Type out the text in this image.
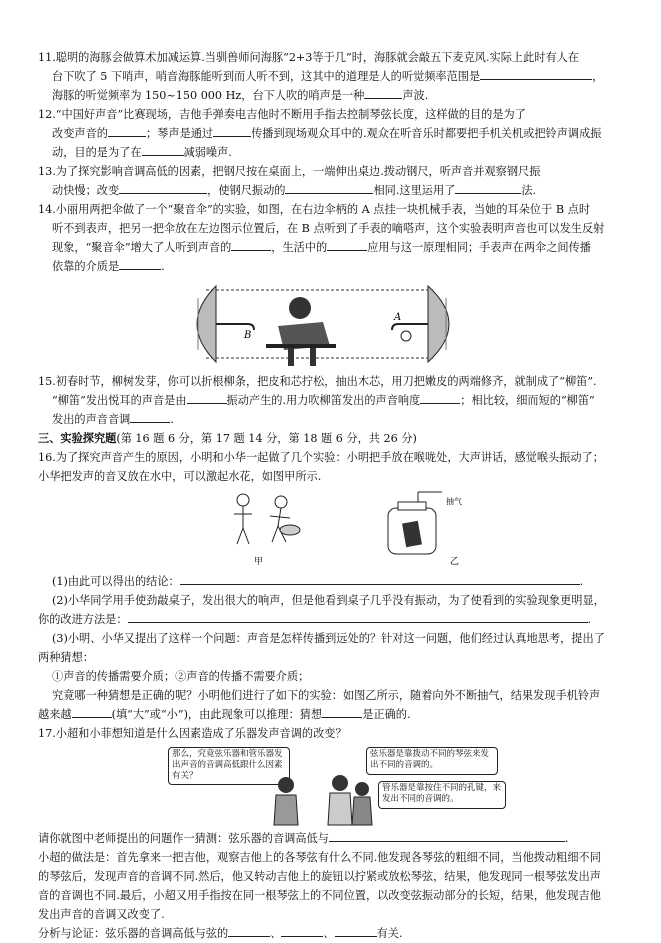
11.聪明的海豚会做算术加减运算.当驯兽师问海豚“2+3等于几”时，海豚就会敲五下麦克风.实际上此时有人在

台下吹了 5 下哨声，哨音海豚能听到而人听不到，这其中的道理是人的听觉频率范围是	，

海豚的听觉频率为 150~150 000 Hz，台下人吹的哨声是一种	声波.

12.“中国好声音”比赛现场，吉他手弹奏电吉他时不断用手指去控制琴弦长度，这样做的目的是为了

改变声音的	；琴声是通过	传播到现场观众耳中的.观众在听音乐时都要把手机关机或把铃声调成振

动，目的是为了在	减弱噪声.

13.为了探究影响音调高低的因素，把钢尺按在桌面上，一端伸出桌边.拨动钢尺，听声音并观察钢尺振

动快慢；改变	，使钢尺振动的	相同.这里运用了	法.

14.小丽用两把伞做了一个“聚音伞”的实验，如图，在右边伞柄的 A 点挂一块机械手表，当她的耳朵位于 B 点时

听不到表声，把另一把伞放在左边图示位置后，在 B 点听到了手表的嘀嗒声，这个实验表明声音也可以发生反射

现象，“聚音伞”增大了人听到声音的	，生活中的	应用与这一原理相同；手表声在两伞之间传播

依靠的介质是	.

A
B

15.初春时节，柳树发芽，你可以折根柳条，把皮和芯拧松，抽出木芯，用刀把嫩皮的两端修齐，就制成了“柳笛”.

“柳笛”发出悦耳的声音是由	振动产生的.用力吹柳笛发出的声音响度	；相比较，细而短的“柳笛”

发出的声音音调	.

三、实验探究题(第 16 题 6 分，第 17 题 14 分，第 18 题 6 分，共 26 分)

16.为了探究声音产生的原因，小明和小华一起做了几个实验：小明把手放在喉咙处，大声讲话，感觉喉头振动了；

小华把发声的音叉放在水中，可以激起水花，如图甲所示.

甲
抽气
乙

(1)由此可以得出的结论：	.

(2)小华同学用手使劲敲桌子，发出很大的响声，但是他看到桌子几乎没有振动，为了使看到的实验现象更明显，

你的改进方法是：	.

(3)小明、小华又提出了这样一个问题：声音是怎样传播到远处的？针对这一问题，他们经过认真地思考，提出了

两种猜想：

①声音的传播需要介质；②声音的传播不需要介质；

究竟哪一种猜想是正确的呢？小明他们进行了如下的实验：如图乙所示，随着向外不断抽气，结果发现手机铃声

越来越	(填“大”或“小”)，由此现象可以推理：猜想	是正确的.

17.小超和小菲想知道是什么因素造成了乐器发声音调的改变？

那么，究竟弦乐器和管乐器发出声音的音调高低跟什么因素有关？
弦乐器是靠拨动不同的琴弦来发出不同的音调的。
管乐器是靠按住不同的孔键，来发出不同的音调的。

请你就图中老师提出的问题作一猜测：弦乐器的音调高低与	.

小超的做法是：首先拿来一把吉他，观察吉他上的各琴弦有什么不同.他发现各琴弦的粗细不同，当他拨动粗细不同

的琴弦后，发现声音的音调不同.然后，他又转动吉他上的旋钮以拧紧或放松琴弦，结果，他发现同一根琴弦发出声

音的音调也不同.最后，小超又用手指按在同一根琴弦上的不同位置，以改变弦振动部分的长短，结果，他发现吉他

发出声音的音调又改变了.

分析与论证：弦乐器的音调高低与弦的	、	、	有关.
